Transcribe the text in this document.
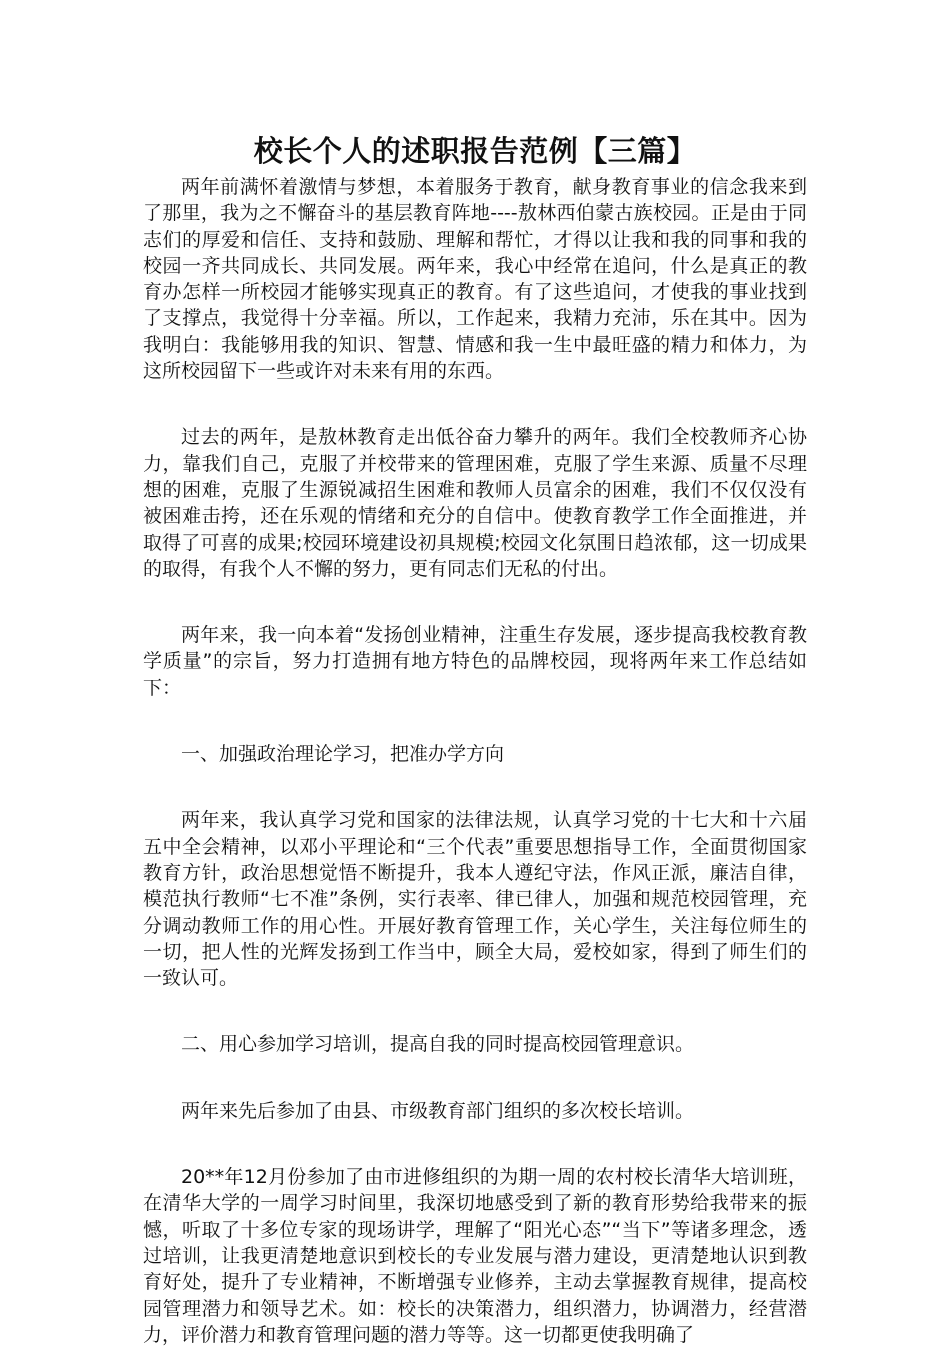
校长个人的述职报告范例【三篇】

两年前满怀着激情与梦想，本着服务于教育，献身教育事业的信念我来到了那里，我为之不懈奋斗的基层教育阵地----敖林西伯蒙古族校园。正是由于同志们的厚爱和信任、支持和鼓励、理解和帮忙，才得以让我和我的同事和我的校园一齐共同成长、共同发展。两年来，我心中经常在追问，什么是真正的教育办怎样一所校园才能够实现真正的教育。有了这些追问，才使我的事业找到了支撑点，我觉得十分幸福。所以，工作起来，我精力充沛，乐在其中。因为我明白：我能够用我的知识、智慧、情感和我一生中最旺盛的精力和体力，为这所校园留下一些或许对未来有用的东西。

过去的两年，是敖林教育走出低谷奋力攀升的两年。我们全校教师齐心协力，靠我们自己，克服了并校带来的管理困难，克服了学生来源、质量不尽理想的困难，克服了生源锐减招生困难和教师人员富余的困难，我们不仅仅没有被困难击挎，还在乐观的情绪和充分的自信中。使教育教学工作全面推进，并取得了可喜的成果;校园环境建设初具规模;校园文化氛围日趋浓郁，这一切成果的取得，有我个人不懈的努力，更有同志们无私的付出。

两年来，我一向本着“发扬创业精神，注重生存发展，逐步提高我校教育教学质量”的宗旨，努力打造拥有地方特色的品牌校园，现将两年来工作总结如下：

一、加强政治理论学习，把准办学方向

两年来，我认真学习党和国家的法律法规，认真学习党的十七大和十六届五中全会精神，以邓小平理论和“三个代表”重要思想指导工作，全面贯彻国家教育方针，政治思想觉悟不断提升，我本人遵纪守法，作风正派，廉洁自律，模范执行教师“七不准”条例，实行表率、律已律人，加强和规范校园管理，充分调动教师工作的用心性。开展好教育管理工作，关心学生，关注每位师生的一切，把人性的光辉发扬到工作当中，顾全大局，爱校如家，得到了师生们的一致认可。

二、用心参加学习培训，提高自我的同时提高校园管理意识。

两年来先后参加了由县、市级教育部门组织的多次校长培训。

20**年12月份参加了由市进修组织的为期一周的农村校长清华大培训班，在清华大学的一周学习时间里，我深切地感受到了新的教育形势给我带来的振憾，听取了十多位专家的现场讲学，理解了“阳光心态”“当下”等诸多理念，透过培训，让我更清楚地意识到校长的专业发展与潜力建设，更清楚地认识到教育好处，提升了专业精神，不断增强专业修养，主动去掌握教育规律，提高校园管理潜力和领导艺术。如：校长的决策潜力，组织潜力，协调潜力，经营潜力，评价潜力和教育管理问题的潜力等等。这一切都更使我明确了
